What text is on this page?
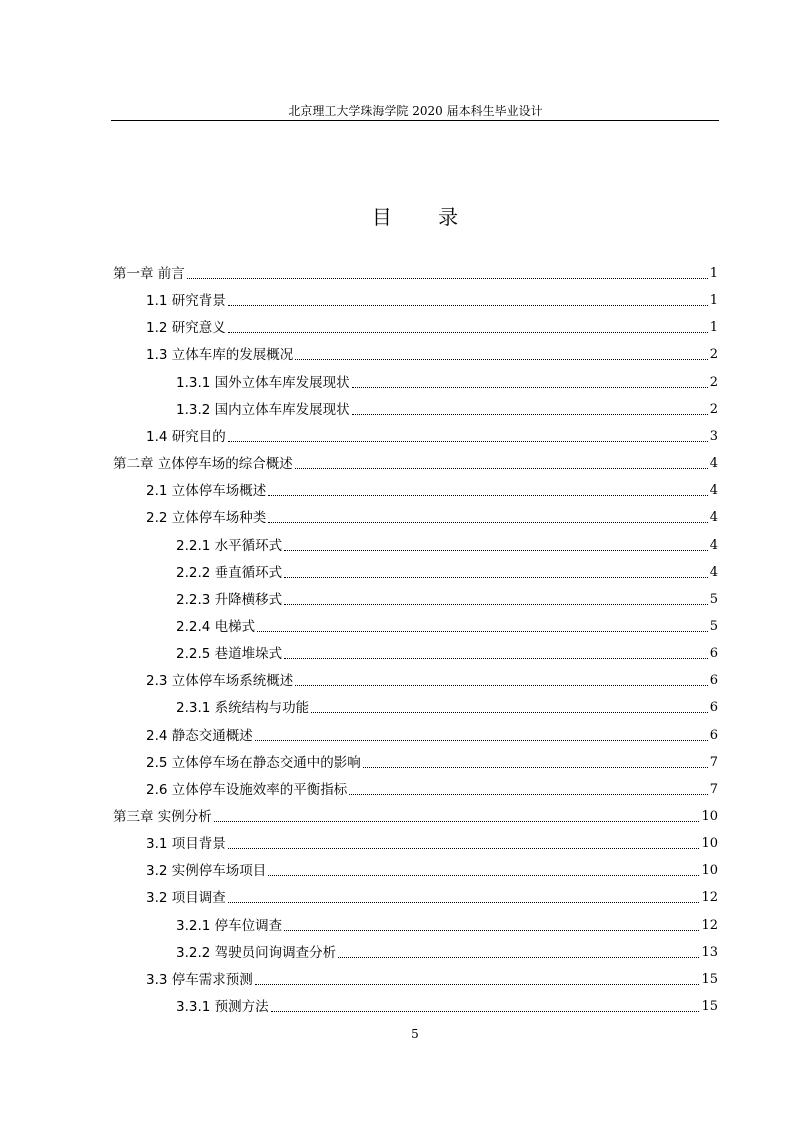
北京理工大学珠海学院 2020 届本科生毕业设计
目 录
第一章 前言	1
1.1 研究背景	1
1.2 研究意义	1
1.3 立体车库的发展概况	2
1.3.1 国外立体车库发展现状	2
1.3.2 国内立体车库发展现状	2
1.4 研究目的	3
第二章 立体停车场的综合概述	4
2.1 立体停车场概述	4
2.2 立体停车场种类	4
2.2.1 水平循环式	4
2.2.2 垂直循环式	4
2.2.3 升降横移式	5
2.2.4 电梯式	5
2.2.5 巷道堆垛式	6
2.3 立体停车场系统概述	6
2.3.1 系统结构与功能	6
2.4 静态交通概述	6
2.5 立体停车场在静态交通中的影响	7
2.6 立体停车设施效率的平衡指标	7
第三章 实例分析	10
3.1 项目背景	10
3.2 实例停车场项目	10
3.2 项目调查	12
3.2.1 停车位调查	12
3.2.2 驾驶员问询调查分析	13
3.3 停车需求预测	15
3.3.1 预测方法	15
5
